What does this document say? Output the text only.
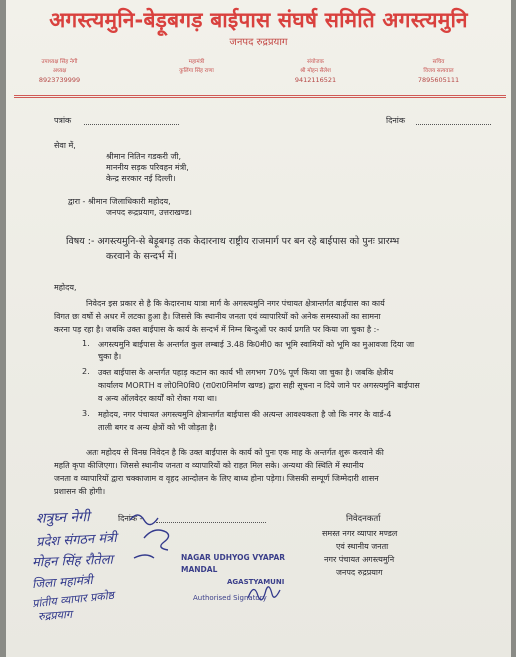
अगस्त्यमुनि-बेड़ूबगड़ बाईपास संघर्ष समिति अगस्त्यमुनि
जनपद रुद्रप्रयाग
उपाध्यक्ष सिंह नेगी
अध्यक्ष
8923739999
महामंत्री
कुलिंगा सिंह राणा
संयोजक
श्री मोहन सैलेश
9412116521
सचिव
विजय सत्यवाल
7895605111
पत्रांक	दिनांक
सेवा में,
श्रीमान नितिन गडकरी जी,
माननीय सड़क परिवहन मंत्री,
केन्द्र सरकार नई दिल्ली।
द्वारा - श्रीमान जिलाधिकारी महोदय,
जनपद रूद्रप्रयाग, उत्तराखण्ड।
विषय :- अगस्त्यमुनि-से बेड़ूबगड़ तक केदारनाथ राष्ट्रीय राजमार्ग पर बन रहे बाईपास को पुनः प्रारम्भ
करवाने के सन्दर्भ में।
महोदय,
निवेदन इस प्रकार से है कि केदारनाथ यात्रा मार्ग के अगस्त्यमुनि नगर पंचायत क्षेत्रान्तर्गत बाईपास का कार्य
विगत छः वर्षो से अधर में लटका हुआ है। जिससे कि स्थानीय जनता एवं व्यापारियों को अनेक समस्याओं का सामना
करना पड़ रहा है। जबकि उक्त बाईपास के कार्य के सन्दर्भ में निम्न बिन्दुओं पर कार्य प्रगति पर किया जा चुका है :-
1. अगस्त्यमुनि बाईपास के अन्तर्गत कुल लम्बाई 3.48 कि0मी0 का भूमि स्वामियों को भूमि का मुआवजा दिया जा
चुका है।
2. उक्त बाईपास के अन्तर्गत पहाड़ कटान का कार्य भी लगभग 70% पूर्ण किया जा चुका है। जबकि क्षेत्रीय
कार्यालय MORTH व लो0नि0वि0 (रा0रा0निर्माण खण्ड) द्वारा सही सूचना न दिये जाने पर अगस्त्यमुनि बाईपास
व अन्य ऑलवेदर कार्यों को रोका गया था।
3. महोदय, नगर पंचायत अगस्त्यमुनि क्षेत्रान्तर्गत बाईपास की अत्यन्त आवश्यकता है जो कि नगर के वार्ड-4
ताली बगर व अन्य क्षेत्रों को भी जोड़ता है।
अतः महोदय से विनम्र निवेदन है कि उक्त बाईपास के कार्य को पुनः एक माह के अन्तर्गत शुरू करवाने की
महति कृपा कीजिएगा। जिससे स्थानीय जनता व व्यापारियों को राहत मिल सके। अन्यथा की स्थिति में स्थानीय
जनता व व्यापारियों द्वारा चक्काजाम व वृहद आन्दोलन के लिए बाध्य होना पड़ेगा। जिसकी सम्पूर्ण जिम्मेदारी शासन
प्रशासन की होगी।
दिनांक -	निवेदनकर्ता
समस्त नगर व्यापार मण्डल
एवं स्थानीय जनता
नगर पंचायत अगस्त्यमुनि
जनपद रुद्रप्रयाग
शत्रुघ्न नेगी
प्रदेश संगठन मंत्री
मोहन सिंह रौतेला
जिला महामंत्री
प्रांतीय व्यापार प्रकोष्ठ
रुद्रप्रयाग
NAGAR UDHYOG VYAPAR MANDAL
AGASTYAMUNI
Authorised Signatory
